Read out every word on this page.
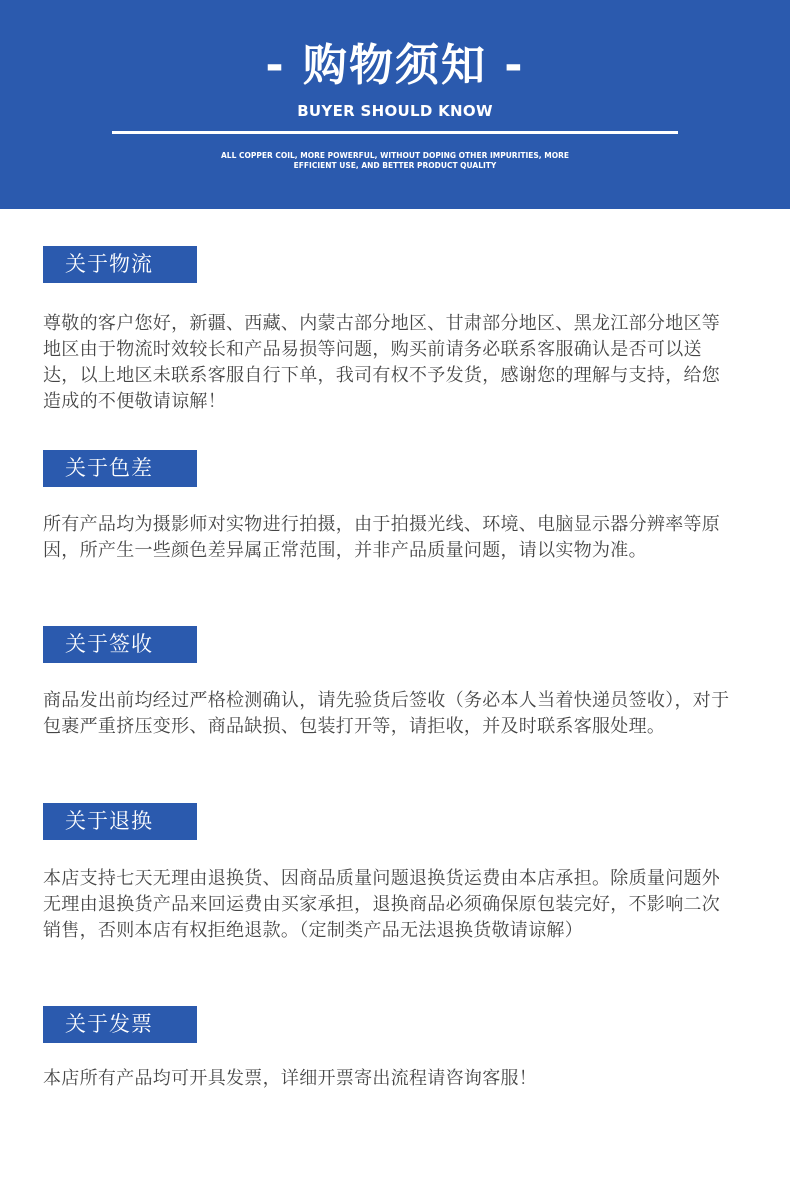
- 购物须知 -
BUYER SHOULD KNOW
ALL COPPER COIL, MORE POWERFUL, WITHOUT DOPING OTHER IMPURITIES, MORE EFFICIENT USE, AND BETTER PRODUCT QUALITY
关于物流
尊敬的客户您好，新疆、西藏、内蒙古部分地区、甘肃部分地区、黑龙江部分地区等地区由于物流时效较长和产品易损等问题，购买前请务必联系客服确认是否可以送达，以上地区未联系客服自行下单，我司有权不予发货，感谢您的理解与支持，给您造成的不便敬请谅解！
关于色差
所有产品均为摄影师对实物进行拍摄，由于拍摄光线、环境、电脑显示器分辨率等原因，所产生一些颜色差异属正常范围，并非产品质量问题，请以实物为准。
关于签收
商品发出前均经过严格检测确认，请先验货后签收（务必本人当着快递员签收），对于包裹严重挤压变形、商品缺损、包装打开等，请拒收，并及时联系客服处理。
关于退换
本店支持七天无理由退换货、因商品质量问题退换货运费由本店承担。除质量问题外无理由退换货产品来回运费由买家承担，退换商品必须确保原包装完好，不影响二次销售，否则本店有权拒绝退款。（定制类产品无法退换货敬请谅解）
关于发票
本店所有产品均可开具发票，详细开票寄出流程请咨询客服！
